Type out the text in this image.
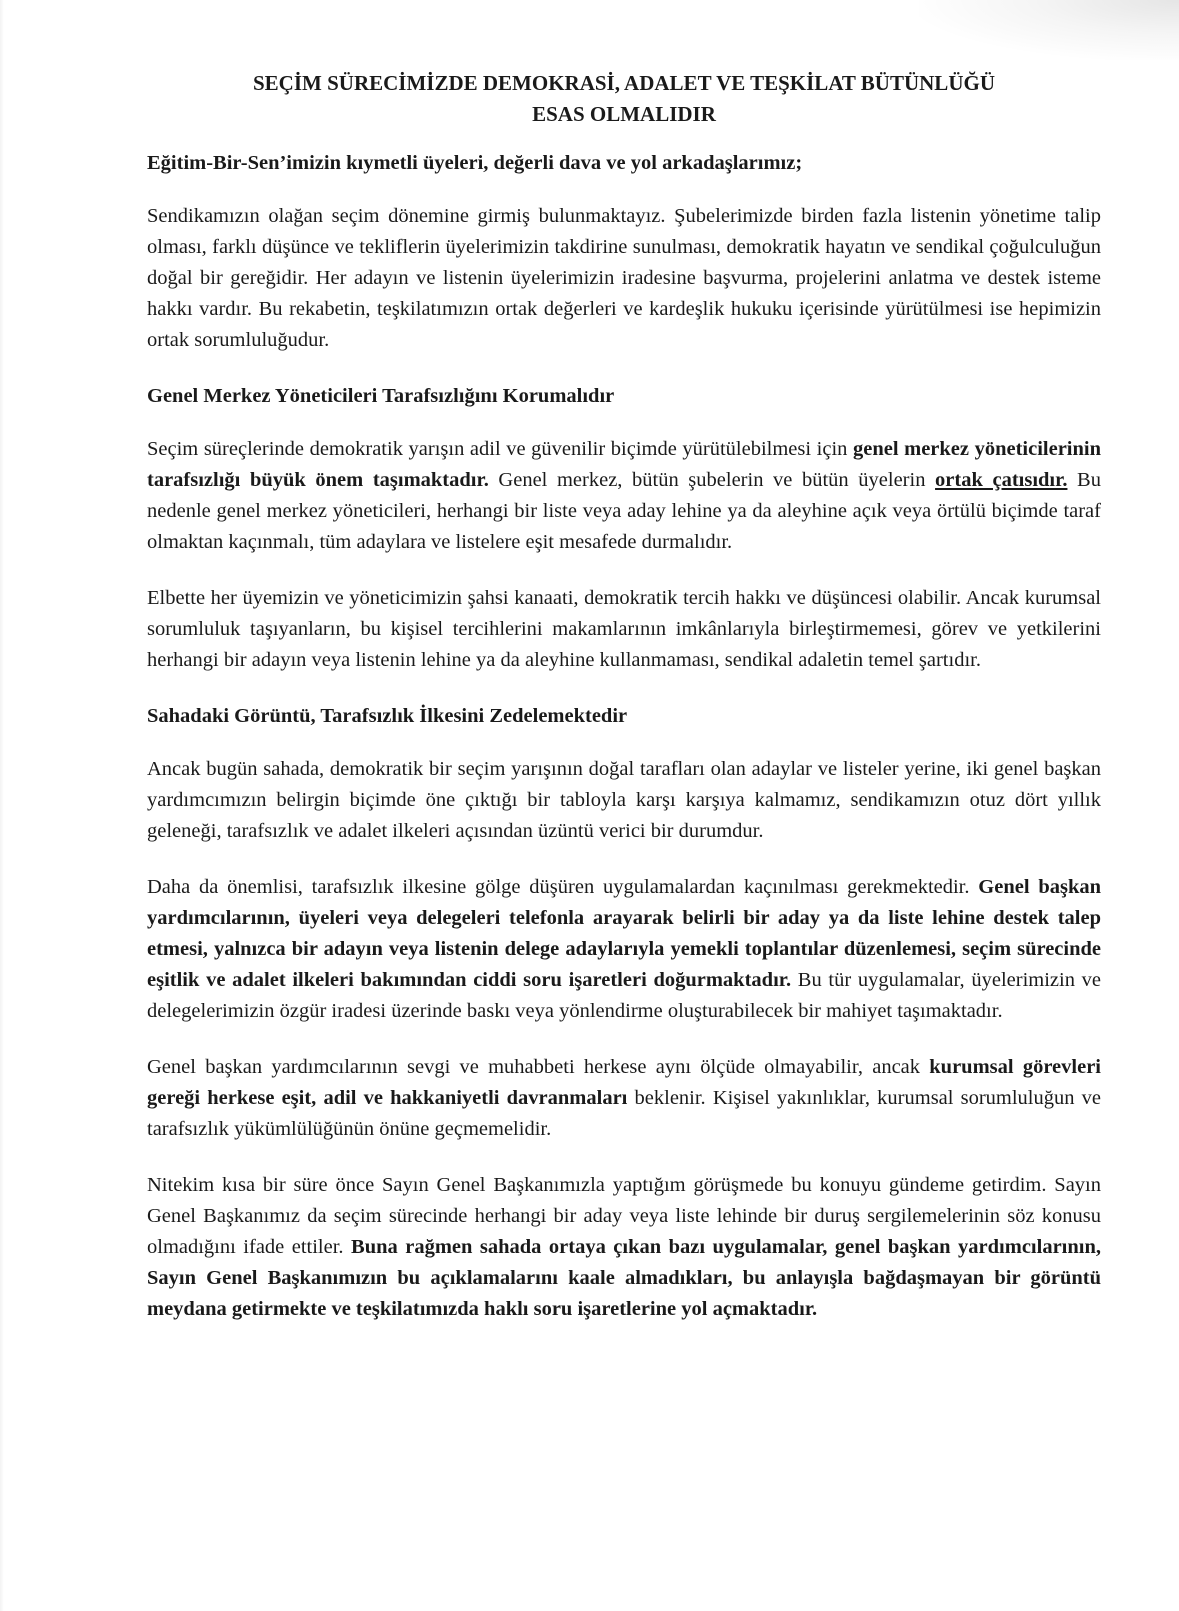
SEÇİM SÜRECİMİZDE DEMOKRASİ, ADALET VE TEŞKİLAT BÜTÜNLÜĞÜ
ESAS OLMALIDIR

Eğitim-Bir-Sen’imizin kıymetli üyeleri, değerli dava ve yol arkadaşlarımız;

Sendikamızın olağan seçim dönemine girmiş bulunmaktayız. Şubelerimizde birden fazla listenin yönetime talip olması, farklı düşünce ve tekliflerin üyelerimizin takdirine sunulması, demokratik hayatın ve sendikal çoğulculuğun doğal bir gereğidir. Her adayın ve listenin üyelerimizin iradesine başvurma, projelerini anlatma ve destek isteme hakkı vardır. Bu rekabetin, teşkilatımızın ortak değerleri ve kardeşlik hukuku içerisinde yürütülmesi ise hepimizin ortak sorumluluğudur.

Genel Merkez Yöneticileri Tarafsızlığını Korumalıdır

Seçim süreçlerinde demokratik yarışın adil ve güvenilir biçimde yürütülebilmesi için genel merkez yöneticilerinin tarafsızlığı büyük önem taşımaktadır. Genel merkez, bütün şubelerin ve bütün üyelerin ortak çatısıdır. Bu nedenle genel merkez yöneticileri, herhangi bir liste veya aday lehine ya da aleyhine açık veya örtülü biçimde taraf olmaktan kaçınmalı, tüm adaylara ve listelere eşit mesafede durmalıdır.

Elbette her üyemizin ve yöneticimizin şahsi kanaati, demokratik tercih hakkı ve düşüncesi olabilir. Ancak kurumsal sorumluluk taşıyanların, bu kişisel tercihlerini makamlarının imkânlarıyla birleştirmemesi, görev ve yetkilerini herhangi bir adayın veya listenin lehine ya da aleyhine kullanmaması, sendikal adaletin temel şartıdır.

Sahadaki Görüntü, Tarafsızlık İlkesini Zedelemektedir

Ancak bugün sahada, demokratik bir seçim yarışının doğal tarafları olan adaylar ve listeler yerine, iki genel başkan yardımcımızın belirgin biçimde öne çıktığı bir tabloyla karşı karşıya kalmamız, sendikamızın otuz dört yıllık geleneği, tarafsızlık ve adalet ilkeleri açısından üzüntü verici bir durumdur.

Daha da önemlisi, tarafsızlık ilkesine gölge düşüren uygulamalardan kaçınılması gerekmektedir. Genel başkan yardımcılarının, üyeleri veya delegeleri telefonla arayarak belirli bir aday ya da liste lehine destek talep etmesi, yalnızca bir adayın veya listenin delege adaylarıyla yemekli toplantılar düzenlemesi, seçim sürecinde eşitlik ve adalet ilkeleri bakımından ciddi soru işaretleri doğurmaktadır. Bu tür uygulamalar, üyelerimizin ve delegelerimizin özgür iradesi üzerinde baskı veya yönlendirme oluşturabilecek bir mahiyet taşımaktadır.

Genel başkan yardımcılarının sevgi ve muhabbeti herkese aynı ölçüde olmayabilir, ancak kurumsal görevleri gereği herkese eşit, adil ve hakkaniyetli davranmaları beklenir. Kişisel yakınlıklar, kurumsal sorumluluğun ve tarafsızlık yükümlülüğünün önüne geçmemelidir.

Nitekim kısa bir süre önce Sayın Genel Başkanımızla yaptığım görüşmede bu konuyu gündeme getirdim. Sayın Genel Başkanımız da seçim sürecinde herhangi bir aday veya liste lehinde bir duruş sergilemelerinin söz konusu olmadığını ifade ettiler. Buna rağmen sahada ortaya çıkan bazı uygulamalar, genel başkan yardımcılarının, Sayın Genel Başkanımızın bu açıklamalarını kaale almadıkları, bu anlayışla bağdaşmayan bir görüntü meydana getirmekte ve teşkilatımızda haklı soru işaretlerine yol açmaktadır.
